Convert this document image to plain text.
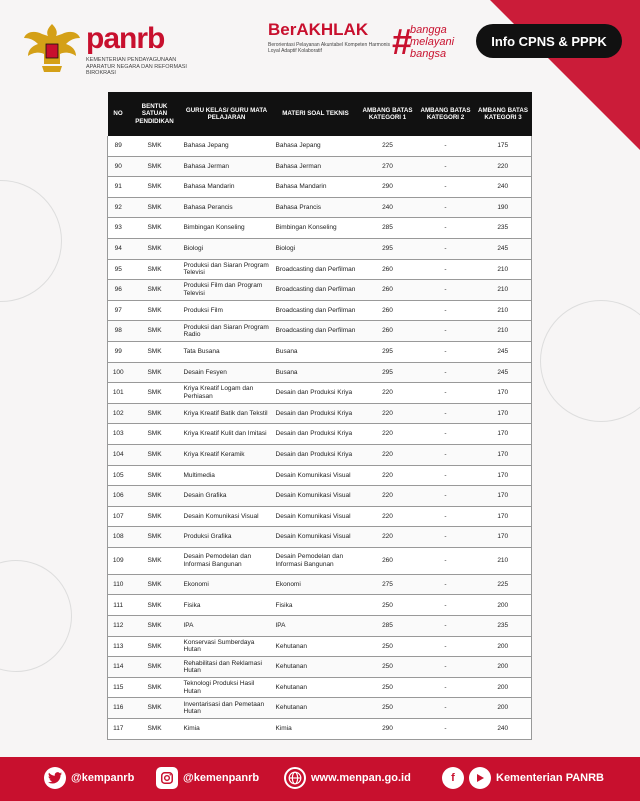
panrb
KEMENTERIAN PENDAYAGUNAAN APARATUR NEGARA DAN REFORMASI BIROKRASI
BerAKHLAK
Berorientasi Pelayanan Akuntabel Kompeten Harmonis Loyal Adaptif Kolaboratif	#
bangga
melayani
bangsa
Info CPNS & PPPK
NO	BENTUK SATUAN PENDIDIKAN	GURU KELAS/ GURU MATA PELAJARAN	MATERI SOAL TEKNIS	AMBANG BATAS KATEGORI 1	AMBANG BATAS KATEGORI 2	AMBANG BATAS KATEGORI 3
89	SMK	Bahasa Jepang	Bahasa Jepang	225	-	175
90	SMK	Bahasa Jerman	Bahasa Jerman	270	-	220
91	SMK	Bahasa Mandarin	Bahasa Mandarin	290	-	240
92	SMK	Bahasa Perancis	Bahasa Prancis	240	-	190
93	SMK	Bimbingan Konseling	Bimbingan Konseling	285	-	235
94	SMK	Biologi	Biologi	295	-	245
95	SMK	Produksi dan Siaran Program Televisi	Broadcasting dan Perfilman	260	-	210
96	SMK	Produksi Film dan Program Televisi	Broadcasting dan Perfilman	260	-	210
97	SMK	Produksi Film	Broadcasting dan Perfilman	260	-	210
98	SMK	Produksi dan Siaran Program Radio	Broadcasting dan Perfilman	260	-	210
99	SMK	Tata Busana	Busana	295	-	245
100	SMK	Desain Fesyen	Busana	295	-	245
101	SMK	Kriya Kreatif Logam dan Perhiasan	Desain dan Produksi Kriya	220	-	170
102	SMK	Kriya Kreatif Batik dan Tekstil	Desain dan Produksi Kriya	220	-	170
103	SMK	Kriya Kreatif Kulit dan Imitasi	Desain dan Produksi Kriya	220	-	170
104	SMK	Kriya Kreatif Keramik	Desain dan Produksi Kriya	220	-	170
105	SMK	Multimedia	Desain Komunikasi Visual	220	-	170
106	SMK	Desain Grafika	Desain Komunikasi Visual	220	-	170
107	SMK	Desain Komunikasi Visual	Desain Komunikasi Visual	220	-	170
108	SMK	Produksi Grafika	Desain Komunikasi Visual	220	-	170
109	SMK	Desain Pemodelan dan Informasi Bangunan	Desain Pemodelan dan Informasi Bangunan	260	-	210
110	SMK	Ekonomi	Ekonomi	275	-	225
111	SMK	Fisika	Fisika	250	-	200
112	SMK	IPA	IPA	285	-	235
113	SMK	Konservasi Sumberdaya Hutan	Kehutanan	250	-	200
114	SMK	Rehabilitasi dan Reklamasi Hutan	Kehutanan	250	-	200
115	SMK	Teknologi Produksi Hasil Hutan	Kehutanan	250	-	200
116	SMK	Inventarisasi dan Pemetaan Hutan	Kehutanan	250	-	200
117	SMK	Kimia	Kimia	290	-	240
@kempanrb	@kemenpanrb	www.menpan.go.id	f	Kementerian PANRB
